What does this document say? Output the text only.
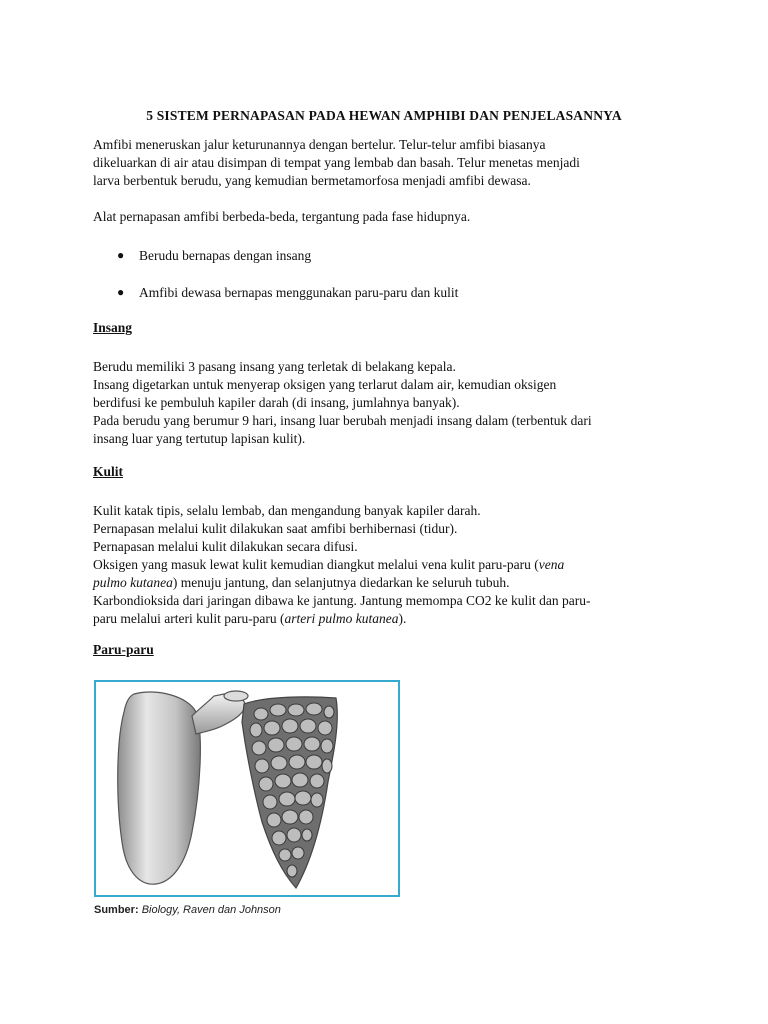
5 SISTEM PERNAPASAN PADA HEWAN AMPHIBI DAN PENJELASANNYA

Amfibi meneruskan jalur keturunannya dengan bertelur. Telur-telur amfibi biasanya

dikeluarkan di air atau disimpan di tempat yang lembab dan basah. Telur menetas menjadi

larva berbentuk berudu, yang kemudian bermetamorfosa menjadi amfibi dewasa.

Alat pernapasan amfibi berbeda-beda, tergantung pada fase hidupnya.

● Berudu bernapas dengan insang
● Amfibi dewasa bernapas menggunakan paru-paru dan kulit
Insang

Berudu memiliki 3 pasang insang yang terletak di belakang kepala.

Insang digetarkan untuk menyerap oksigen yang terlarut dalam air, kemudian oksigen

berdifusi ke pembuluh kapiler darah (di insang, jumlahnya banyak).

Pada berudu yang berumur 9 hari, insang luar berubah menjadi insang dalam (terbentuk dari

insang luar yang tertutup lapisan kulit).

Kulit

Kulit katak tipis, selalu lembab, dan mengandung banyak kapiler darah.

Pernapasan melalui kulit dilakukan saat amfibi berhibernasi (tidur).

Pernapasan melalui kulit dilakukan secara difusi.

Oksigen yang masuk lewat kulit kemudian diangkut melalui vena kulit paru-paru (vena

pulmo kutanea) menuju jantung, dan selanjutnya diedarkan ke seluruh tubuh.

Karbondioksida dari jaringan dibawa ke jantung. Jantung memompa CO2 ke kulit dan paru-

paru melalui arteri kulit paru-paru (arteri pulmo kutanea).

Paru-paru
Sumber: Biology, Raven dan Johnson
